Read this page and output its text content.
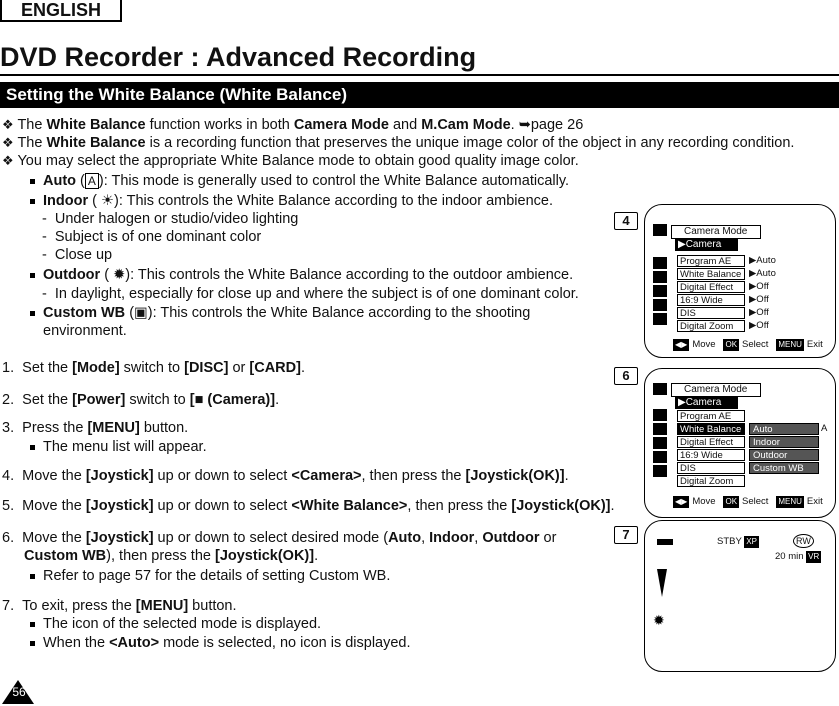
ENGLISH
DVD Recorder : Advanced Recording
Setting the White Balance (White Balance)
❖ The White Balance function works in both Camera Mode and M.Cam Mode. ➥page 26
❖ The White Balance is a recording function that preserves the unique image color of the object in any recording condition.
❖ You may select the appropriate White Balance mode to obtain good quality image color.
Auto ( A ): This mode is generally used to control the White Balance automatically.
Indoor ( ☀): This controls the White Balance according to the indoor ambience.
-  Under halogen or studio/video lighting
-  Subject is of one dominant color
-  Close up
Outdoor ( ✹): This controls the White Balance according to the outdoor ambience.
-  In daylight, especially for close up and where the subject is of one dominant color.
Custom WB (▣): This controls the White Balance according to the shooting
environment.
1. Set the [Mode] switch to [DISC] or [CARD].
2. Set the [Power] switch to [■ (Camera)].
3. Press the [MENU] button.
The menu list will appear.
4. Move the [Joystick] up or down to select <Camera>, then press the [Joystick(OK)].
5. Move the [Joystick] up or down to select <White Balance>, then press the [Joystick(OK)].
6. Move the [Joystick] up or down to select desired mode (Auto, Indoor, Outdoor or
Custom WB), then press the [Joystick(OK)].
Refer to page 57 for the details of setting Custom WB.
7. To exit, press the [MENU] button.
The icon of the selected mode is displayed.
When the <Auto> mode is selected, no icon is displayed.
4
Camera Mode
▶Camera
Program AE
White Balance
Digital Effect
16:9 Wide
DIS
Digital Zoom
▶Auto
▶Auto
▶Off
▶Off
▶Off
▶Off
◀▶ Move OK Select MENU Exit
6
Camera Mode
▶Camera
Program AE
White Balance
Digital Effect
16:9 Wide
DIS
Digital Zoom
Auto
Indoor
Outdoor
Custom WB
A
◀▶ Move OK Select MENU Exit
7	STBY XP	RW
20 min VR
✹
56
